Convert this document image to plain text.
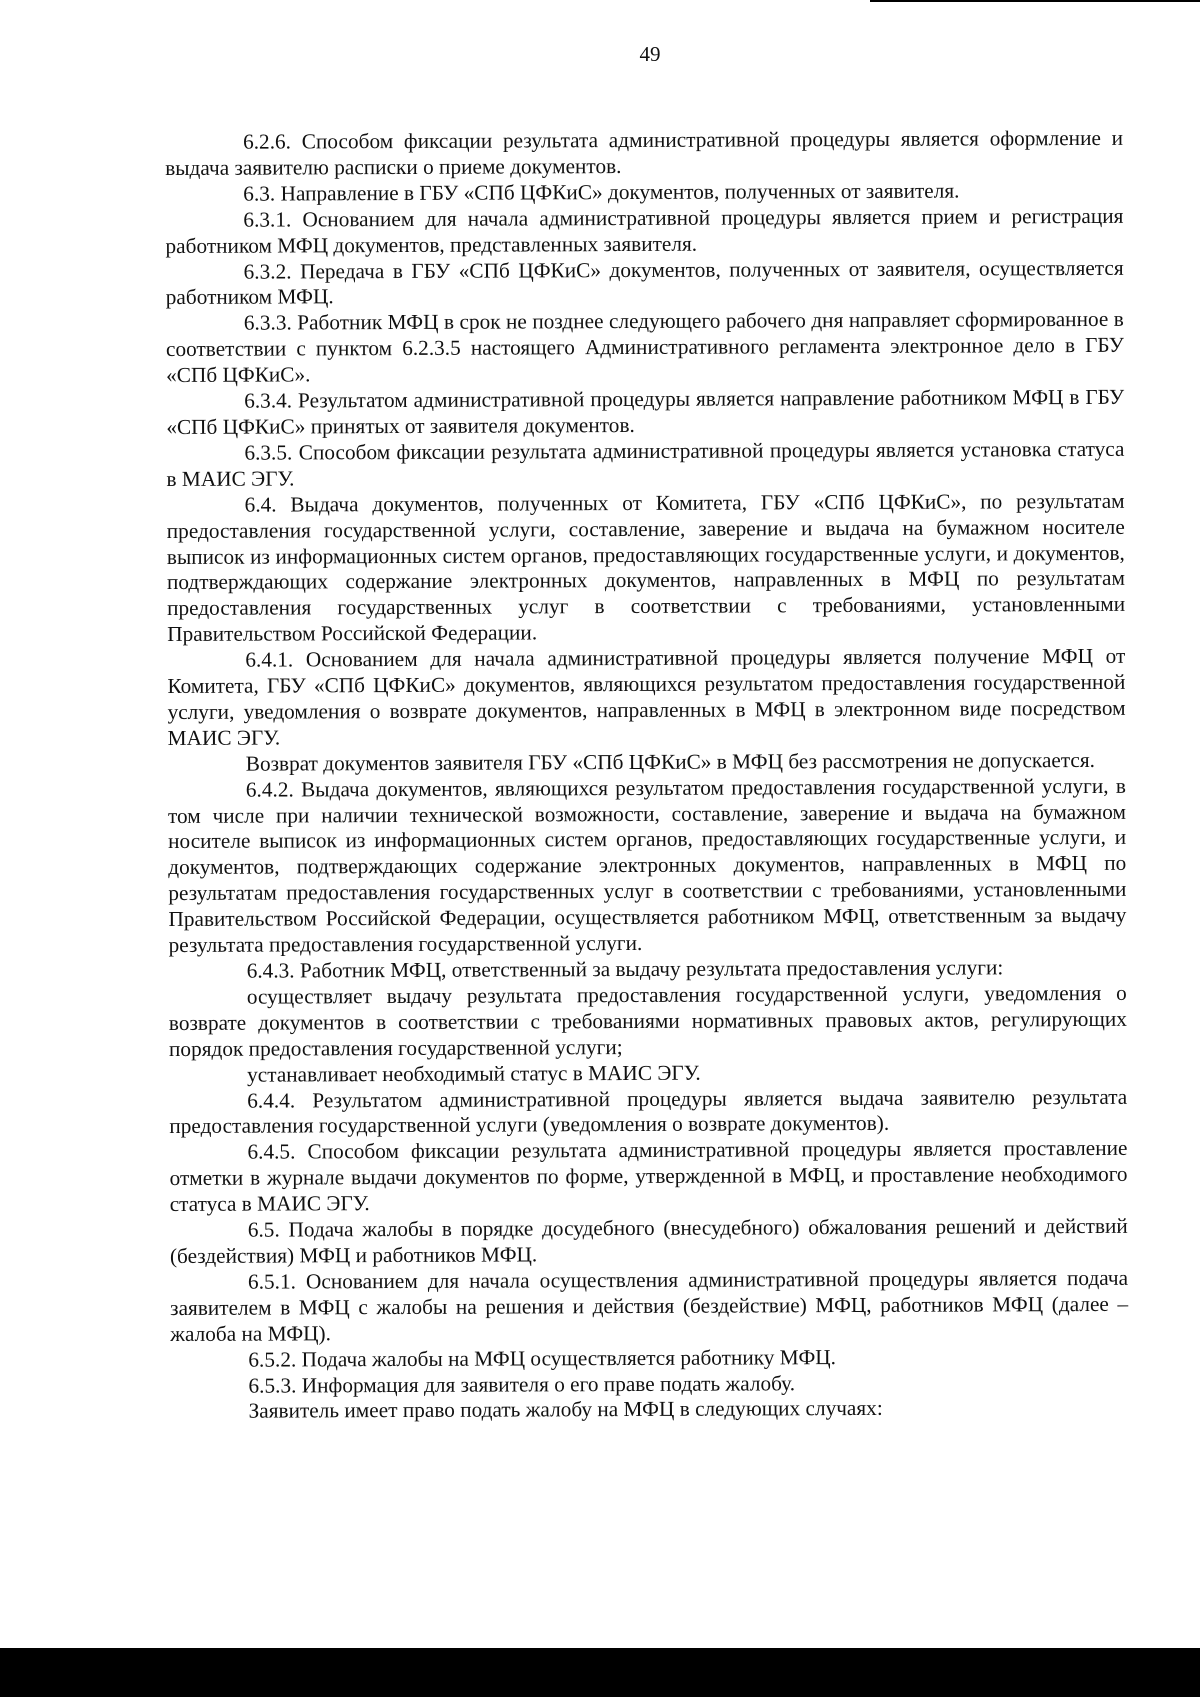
49

6.2.6. Способом фиксации результата административной процедуры является оформление и выдача заявителю расписки о приеме документов.

6.3. Направление в ГБУ «СПб ЦФКиС» документов, полученных от заявителя.

6.3.1. Основанием для начала административной процедуры является прием и регистрация работником МФЦ документов, представленных заявителя.

6.3.2. Передача в ГБУ «СПб ЦФКиС» документов, полученных от заявителя, осуществляется работником МФЦ.

6.3.3. Работник МФЦ в срок не позднее следующего рабочего дня направляет сформированное в соответствии с пунктом 6.2.3.5 настоящего Административного регламента электронное дело в ГБУ «СПб ЦФКиС».

6.3.4. Результатом административной процедуры является направление работником МФЦ в ГБУ «СПб ЦФКиС» принятых от заявителя документов.

6.3.5. Способом фиксации результата административной процедуры является установка статуса в МАИС ЭГУ.

6.4. Выдача документов, полученных от Комитета, ГБУ «СПб ЦФКиС», по результатам предоставления государственной услуги, составление, заверение и выдача на бумажном носителе выписок из информационных систем органов, предоставляющих государственные услуги, и документов, подтверждающих содержание электронных документов, направленных в МФЦ по результатам предоставления государственных услуг в соответствии с требованиями, установленными Правительством Российской Федерации.

6.4.1. Основанием для начала административной процедуры является получение МФЦ от Комитета, ГБУ «СПб ЦФКиС» документов, являющихся результатом предоставления государственной услуги, уведомления о возврате документов, направленных в МФЦ в электронном виде посредством МАИС ЭГУ.

Возврат документов заявителя ГБУ «СПб ЦФКиС» в МФЦ без рассмотрения не допускается.

6.4.2. Выдача документов, являющихся результатом предоставления государственной услуги, в том числе при наличии технической возможности, составление, заверение и выдача на бумажном носителе выписок из информационных систем органов, предоставляющих государственные услуги, и документов, подтверждающих содержание электронных документов, направленных в МФЦ по результатам предоставления государственных услуг в соответствии с требованиями, установленными Правительством Российской Федерации, осуществляется работником МФЦ, ответственным за выдачу результата предоставления государственной услуги.

6.4.3. Работник МФЦ, ответственный за выдачу результата предоставления услуги:

осуществляет выдачу результата предоставления государственной услуги, уведомления о возврате документов в соответствии с требованиями нормативных правовых актов, регулирующих порядок предоставления государственной услуги;

устанавливает необходимый статус в МАИС ЭГУ.

6.4.4. Результатом административной процедуры является выдача заявителю результата предоставления государственной услуги (уведомления о возврате документов).

6.4.5. Способом фиксации результата административной процедуры является проставление отметки в журнале выдачи документов по форме, утвержденной в МФЦ, и проставление необходимого статуса в МАИС ЭГУ.

6.5. Подача жалобы в порядке досудебного (внесудебного) обжалования решений и действий (бездействия) МФЦ и работников МФЦ.

6.5.1. Основанием для начала осуществления административной процедуры является подача заявителем в МФЦ с жалобы на решения и действия (бездействие) МФЦ, работников МФЦ (далее – жалоба на МФЦ).

6.5.2. Подача жалобы на МФЦ осуществляется работнику МФЦ.

6.5.3. Информация для заявителя о его праве подать жалобу.

Заявитель имеет право подать жалобу на МФЦ в следующих случаях:
